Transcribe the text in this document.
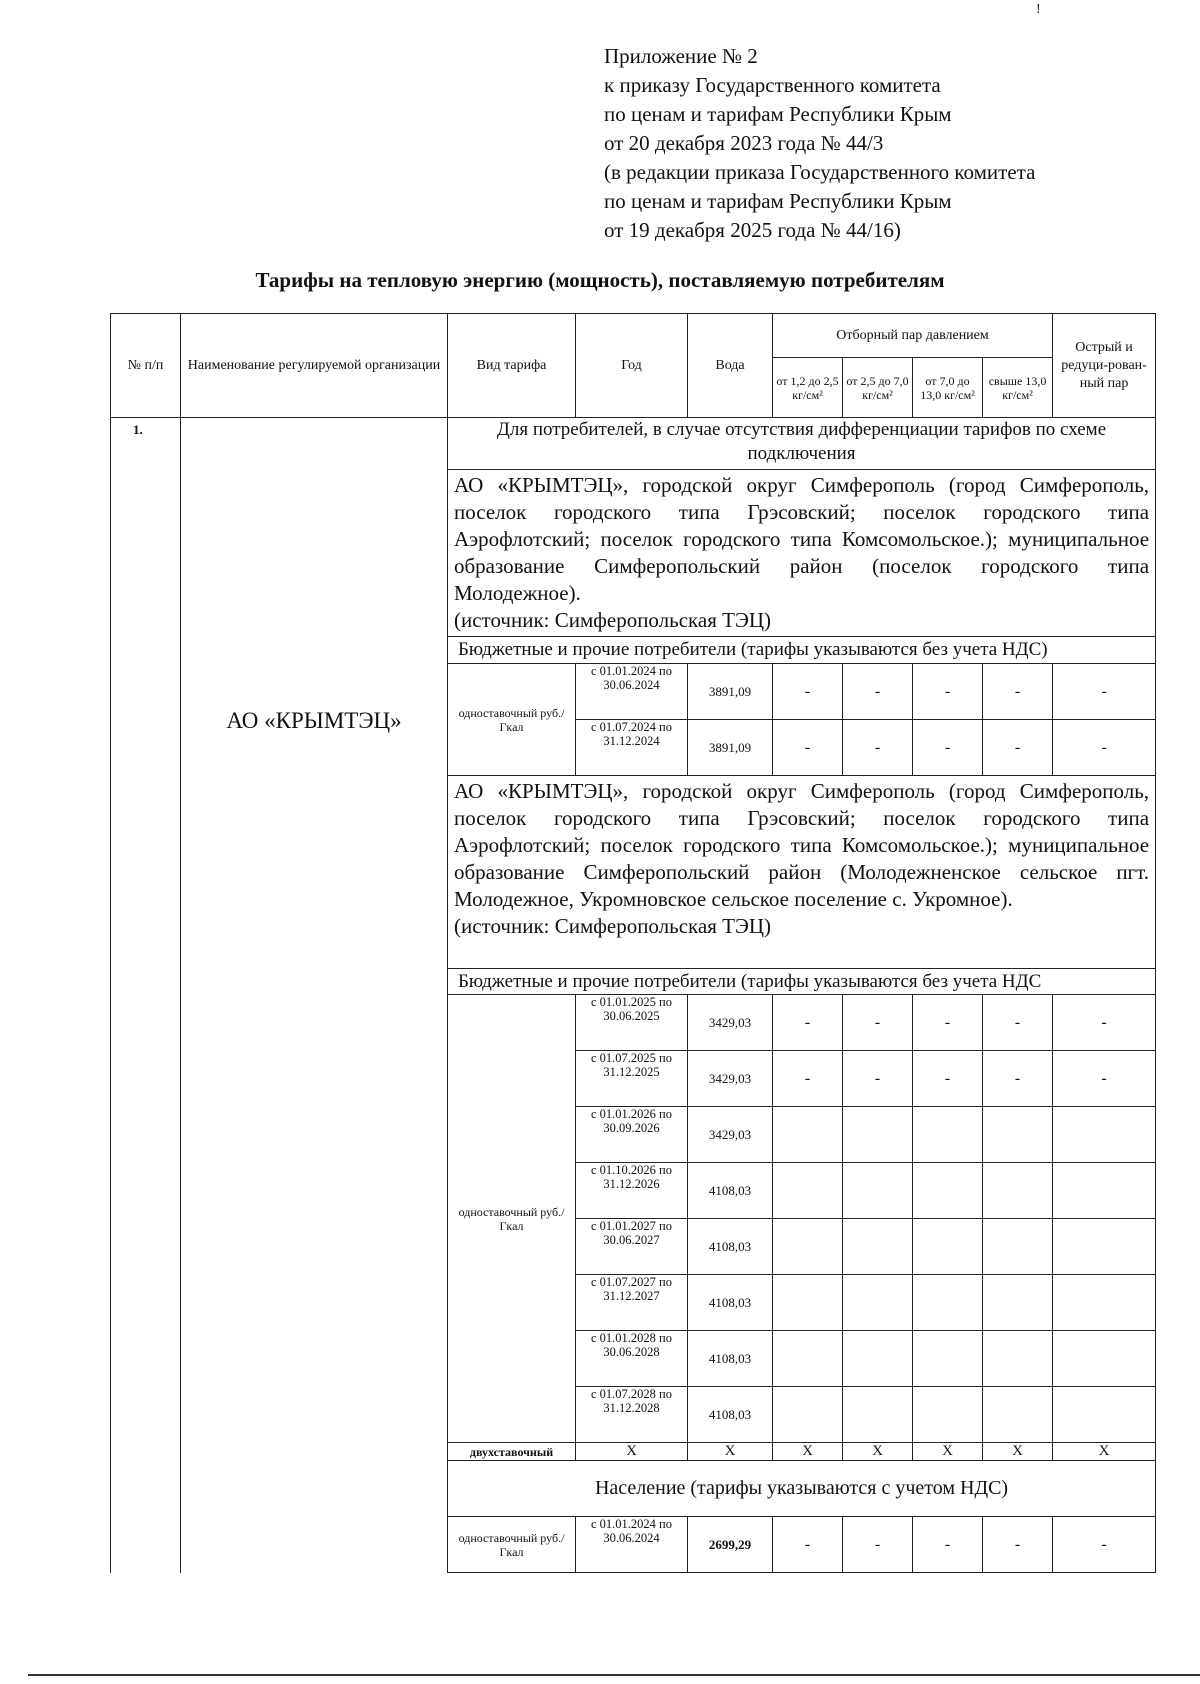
!
Приложение № 2
к приказу Государственного комитета
по ценам и тарифам Республики Крым
от 20 декабря 2023 года № 44/3
(в редакции приказа Государственного комитета
по ценам и тарифам Республики Крым
от 19 декабря 2025 года № 44/16)
Тарифы на тепловую энергию (мощность), поставляемую потребителям
№ п/п	Наименование регулируемой организации	Вид тарифа	Год	Вода	Отборный пар давлением				Острый и редуци-рован-ный пар
					от 1,2 до 2,5 кг/см²	от 2,5 до 7,0 кг/см²	от 7,0 до 13,0 кг/см²	свыше 13,0 кг/см²	
1.	АО «КРЫМТЭЦ»	Для потребителей, в случае отсутствия дифференциации тарифов по схеме подключения							

		АО «КРЫМТЭЦ», городской округ Симферополь (город Симферополь, поселок городского типа Грэсовский; поселок городского типа Аэрофлотский; поселок городского типа Комсомольское.); муниципальное образование Симферопольский район (поселок городского типа Молодежное).
(источник: Симферопольская ТЭЦ)							

		Бюджетные и прочие потребители (тарифы указываются без учета НДС)							
		одноставочный руб./Гкал	с 01.01.2024 по 30.06.2024	3891,09	-	-	-	-	-
			с 01.07.2024 по 31.12.2024	3891,09	-	-	-	-	-

		АО «КРЫМТЭЦ», городской округ Симферополь (город Симферополь, поселок городского типа Грэсовский; поселок городского типа Аэрофлотский; поселок городского типа Комсомольское.); муниципальное образование Симферопольский район (Молодежненское сельское пгт. Молодежное, Укромновское сельское поселение с. Укромное).
(источник: Симферопольская ТЭЦ)							

		Бюджетные и прочие потребители (тарифы указываются без учета НДС							
		одноставочный руб./Гкал	с 01.01.2025 по 30.06.2025	3429,03	-	-	-	-	-
			с 01.07.2025 по 31.12.2025	3429,03	-	-	-	-	-
			с 01.01.2026 по 30.09.2026	3429,03					
			с 01.10.2026 по 31.12.2026	4108,03					
			с 01.01.2027 по 30.06.2027	4108,03					
			с 01.07.2027 по 31.12.2027	4108,03					
			с 01.01.2028 по 30.06.2028	4108,03					
			с 01.07.2028 по 31.12.2028	4108,03					
		двухставочный	Х	Х	Х	Х	Х	Х	Х
		Население (тарифы указываются с учетом НДС)							
		одноставочный руб./Гкал	с 01.01.2024 по 30.06.2024	2699,29	-	-	-	-	-
